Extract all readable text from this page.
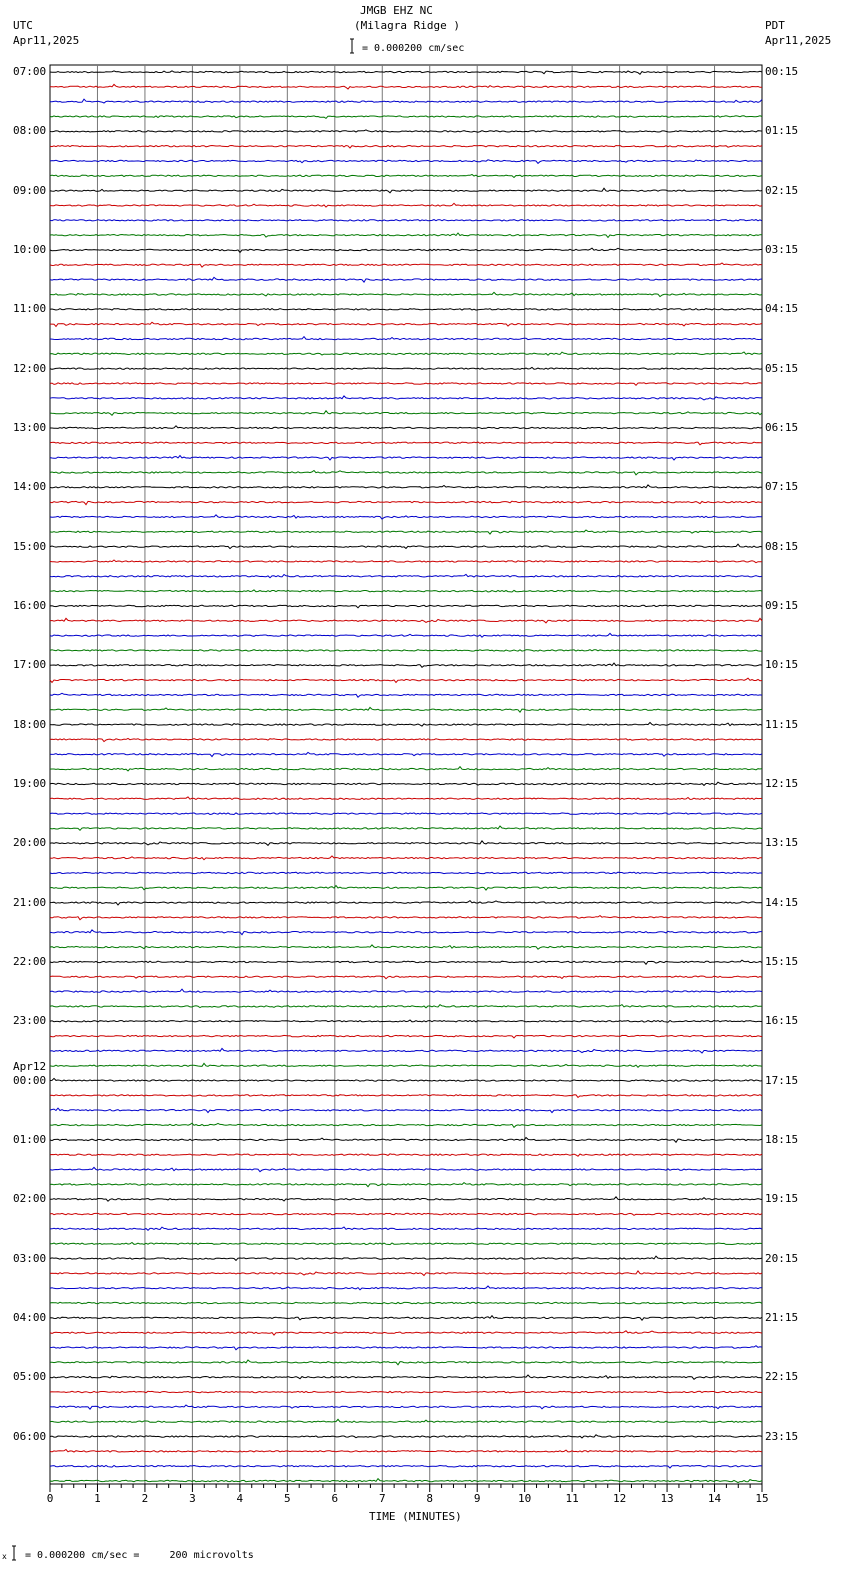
0	1	2	3	4	5	6	7	8	9	10	11	12	13	14	15
x
JMGB EHZ NC
(Milagra Ridge )
= 0.000200 cm/sec
UTC
Apr11,2025
PDT
Apr11,2025
TIME (MINUTES)
= 0.000200 cm/sec =     200 microvolts
07:00
08:00
09:00
10:00
11:00
12:00
13:00
14:00
15:00
16:00
17:00
18:00
19:00
20:00
21:00
22:00
23:00
00:00
01:00
02:00
03:00
04:00
05:00
06:00
00:15
01:15
02:15
03:15
04:15
05:15
06:15
07:15
08:15
09:15
10:15
11:15
12:15
13:15
14:15
15:15
16:15
17:15
18:15
19:15
20:15
21:15
22:15
23:15
Apr12
